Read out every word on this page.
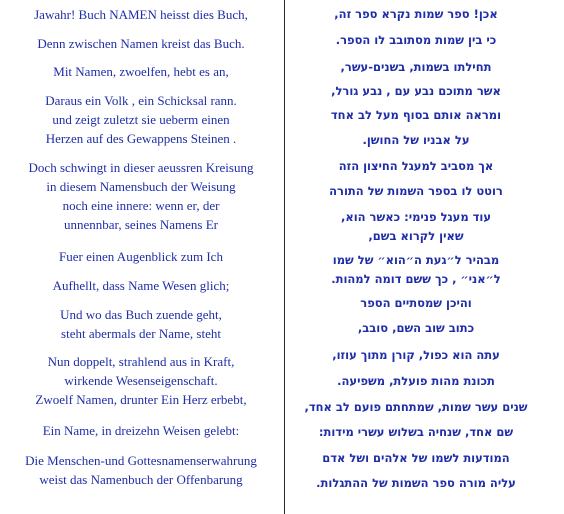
Jawahr! Buch NAMEN heisst dies Buch,
Denn zwischen Namen kreist das Buch.
Mit Namen, zwoelfen, hebt es an,
Daraus ein Volk , ein Schicksal rann.
und zeigt zuletzt sie ueberm einen
Herzen auf des Gewappens Steinen .
Doch schwingt in dieser aeussren Kreisung
in diesem Namensbuch der Weisung
noch eine innere: wenn er, der
unnennbar, seines Namens Er
Fuer einen Augenblick zum Ich
Aufhellt, dass Name Wesen glich;
Und wo das Buch zuende geht,
steht abermals der Name, steht
Nun doppelt, strahlend aus in Kraft,
wirkende Wesenseigenschaft.
Zwoelf Namen, drunter Ein Herz erbebt,
Ein Name, in dreizehn Weisen gelebt:
Die Menschen-und Gottesnamenserwahrung
weist das Namenbuch der Offenbarung
אכן! ספר שמות נקרא ספר זה,
כי בין שמות מסתובב לו הספר.
תחילתו בשמות, בשנים-עשר,
אשר מתוכם נבע עם , נבע גורל,
ומראה אותם בסוף מעל לב אחד
על אבניו של החושן.
אך מסביב למעגל החיצון הזה
רוטט לו בספר השמות של התורה
עוד מעגל פנימי: כאשר הוא,
שאין לקרוא בשם,
מבהיר ל״געת ה״הוא״ של שמו
ל״אני״ , כך ששם דומה למהות.
והיכן שמסתיים הספר
כתוב שוב השם, סובב,
עתה הוא כפול, קורן מתוך עוזו,
תכונת מהות פועלת, משפיעה.
שנים עשר שמות, שמתחתם פועם לב אחד,
שם אחד, שנחיה בשלוש עשרי מידות:
המודעות לשמו של אלהים ושל אדם
עליה מורה ספר השמות של ההתגלות.
